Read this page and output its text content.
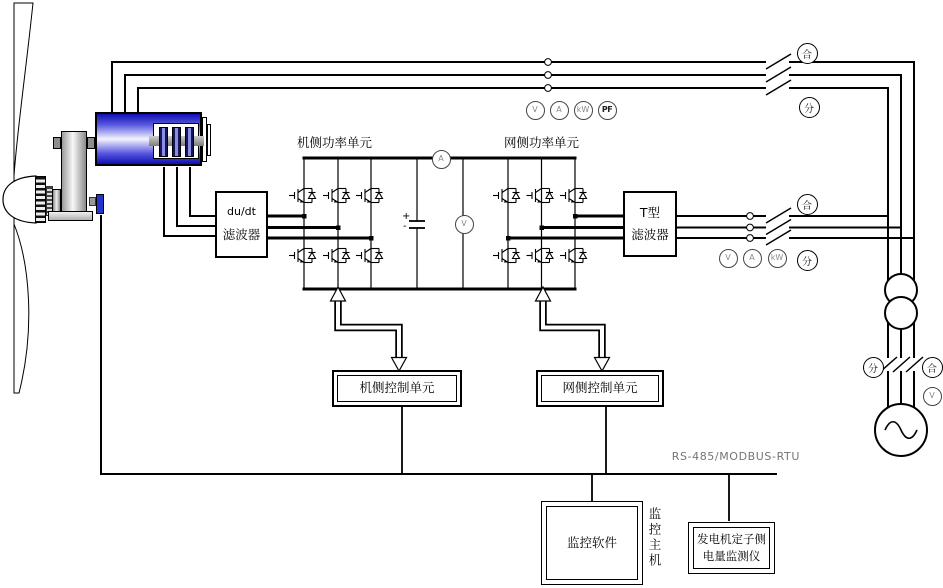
du/dt
滤波器
T型
滤波器
机侧功率单元	网侧功率单元
机侧控制单元	网侧控制单元
RS-485/MODBUS-RTU
监控软件 监控主机	发电机定子侧
电量监测仪
+
-
V A kW PF
V A kW
A
V
V
合
分
合
分
分	合
